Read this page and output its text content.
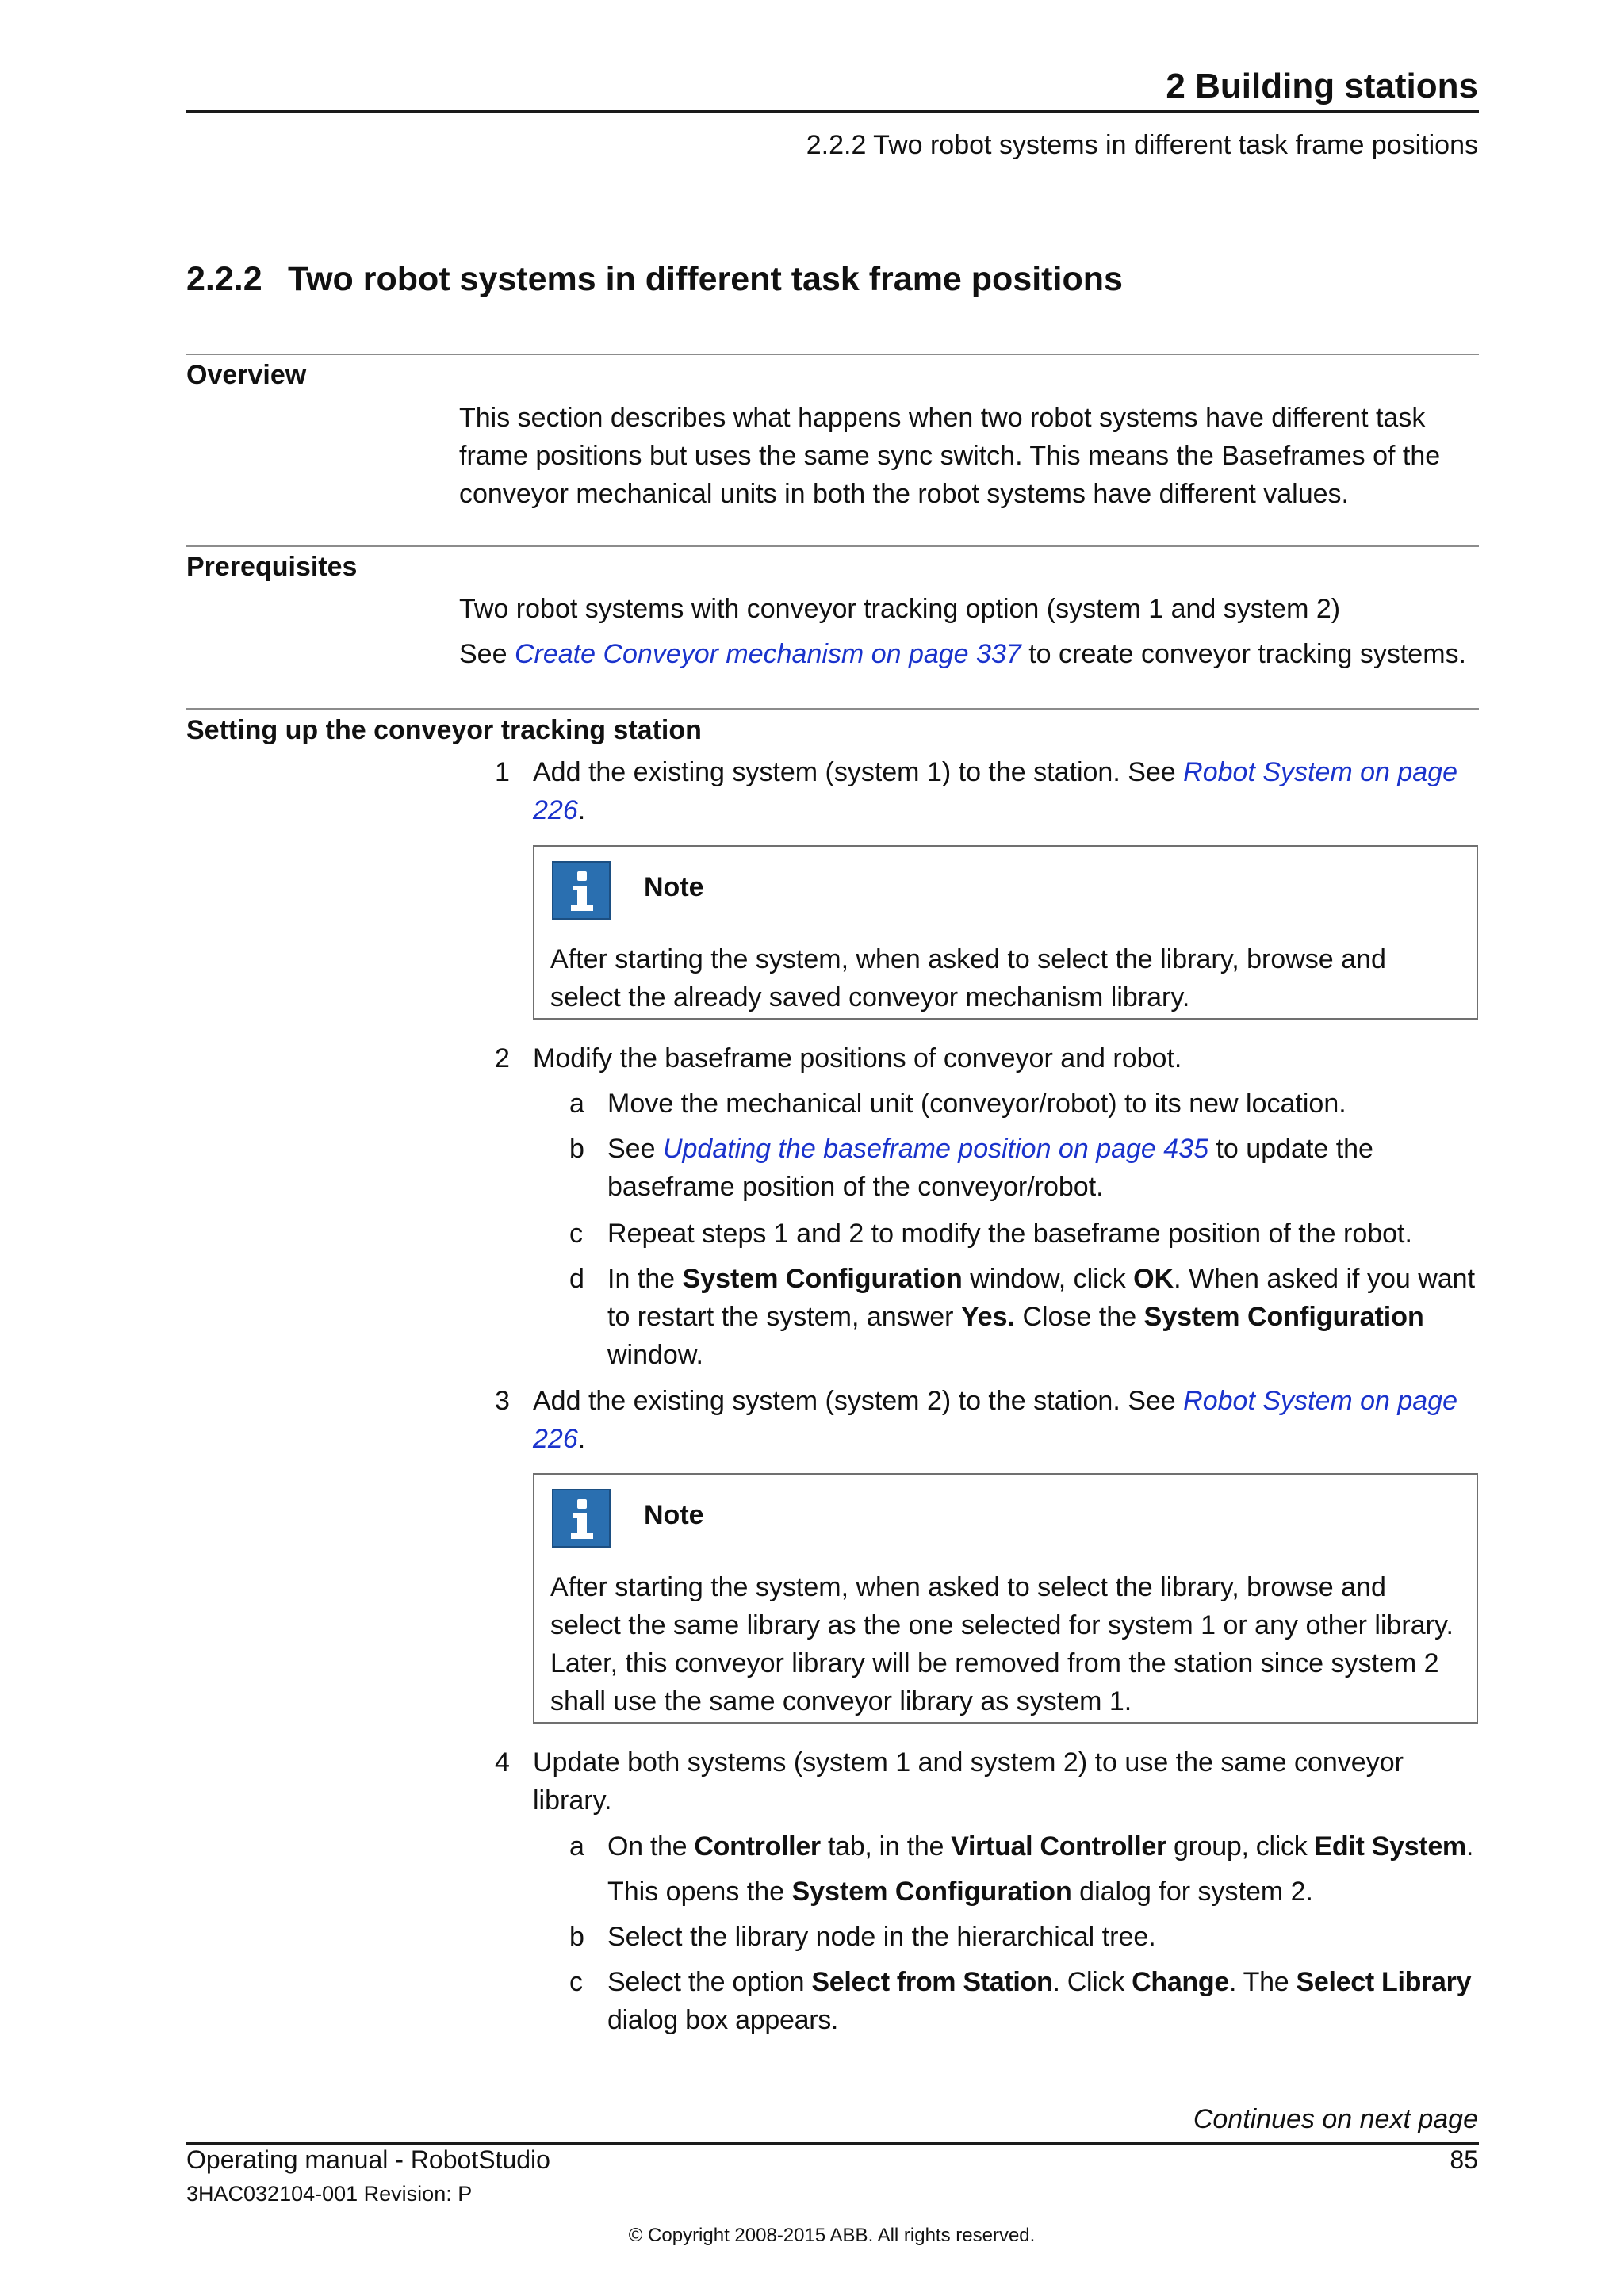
2 Building stations
2.2.2 Two robot systems in different task frame positions
2.2.2 Two robot systems in different task frame positions
Overview

This section describes what happens when two robot systems have different task frame positions but uses the same sync switch. This means the Baseframes of the conveyor mechanical units in both the robot systems have different values.

Prerequisites

Two robot systems with conveyor tracking option (system 1 and system 2)

See Create Conveyor mechanism on page 337 to create conveyor tracking systems.

Setting up the conveyor tracking station
1 Add the existing system (system 1) to the station. See Robot System on page 226.
Note
After starting the system, when asked to select the library, browse and select the already saved conveyor mechanism library.
2 Modify the baseframe positions of conveyor and robot.
a Move the mechanical unit (conveyor/robot) to its new location.
b See Updating the baseframe position on page 435 to update the baseframe position of the conveyor/robot.
c Repeat steps 1 and 2 to modify the baseframe position of the robot.
d In the System Configuration window, click OK. When asked if you want to restart the system, answer Yes. Close the System Configuration window.
3 Add the existing system (system 2) to the station. See Robot System on page 226.
Note
After starting the system, when asked to select the library, browse and select the same library as the one selected for system 1 or any other library. Later, this conveyor library will be removed from the station since system 2 shall use the same conveyor library as system 1.
4 Update both systems (system 1 and system 2) to use the same conveyor library.
a On the Controller tab, in the Virtual Controller group, click Edit System.
This opens the System Configuration dialog for system 2.
b Select the library node in the hierarchical tree.
c Select the option Select from Station. Click Change. The Select Library dialog box appears.
Continues on next page
Operating manual - RobotStudio	85
3HAC032104-001 Revision: P
© Copyright 2008-2015 ABB. All rights reserved.
